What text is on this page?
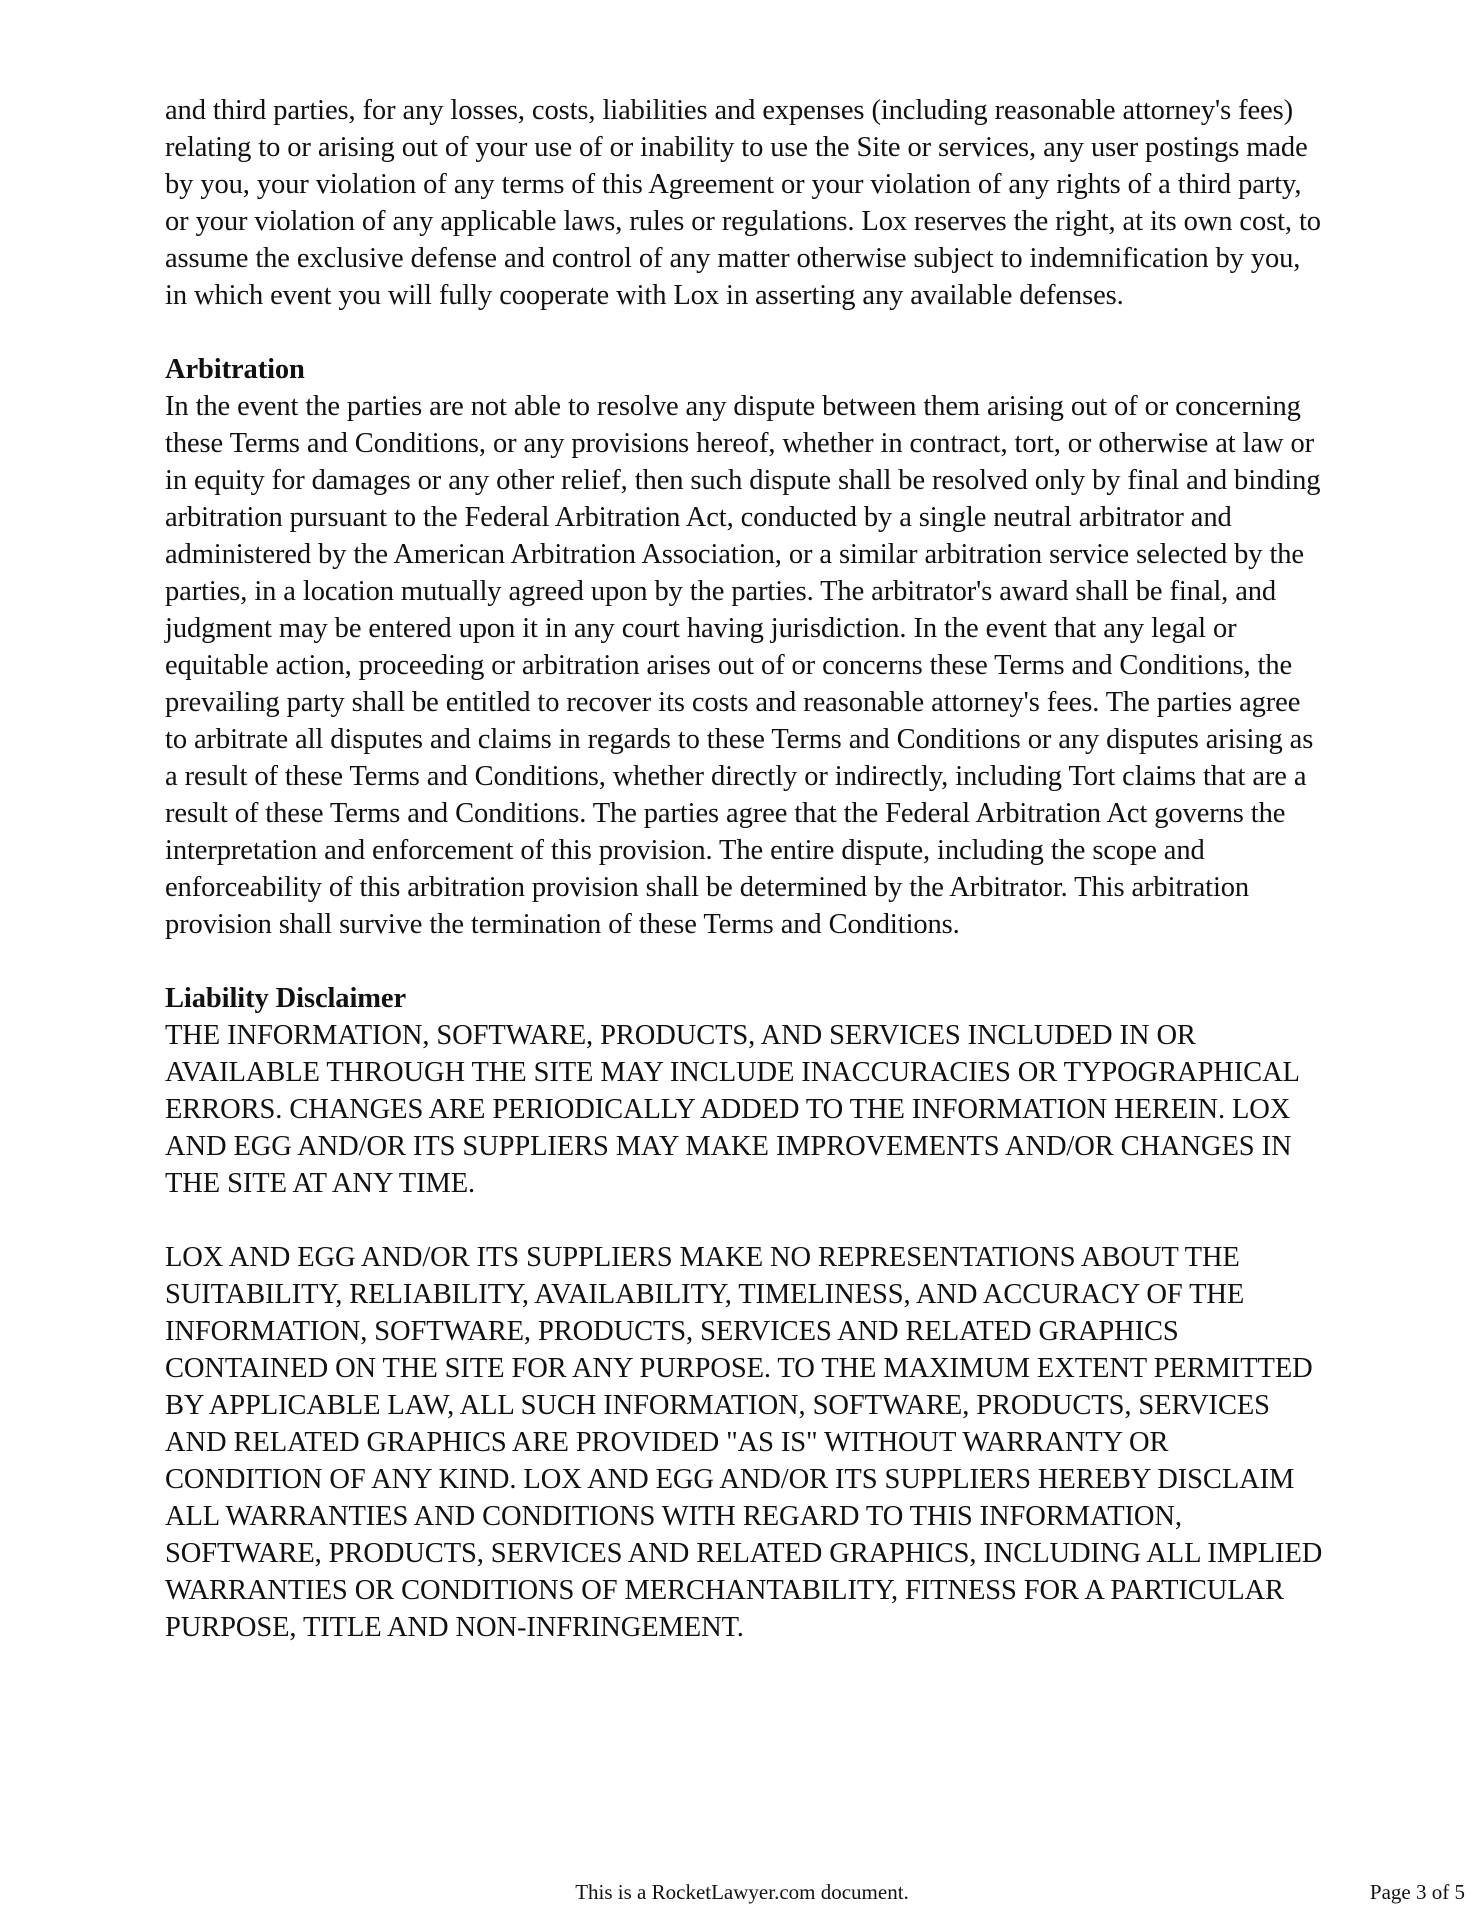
and third parties, for any losses, costs, liabilities and expenses (including reasonable attorney's fees) relating to or arising out of your use of or inability to use the Site or services, any user postings made by you, your violation of any terms of this Agreement or your violation of any rights of a third party, or your violation of any applicable laws, rules or regulations. Lox reserves the right, at its own cost, to assume the exclusive defense and control of any matter otherwise subject to indemnification by you, in which event you will fully cooperate with Lox in asserting any available defenses.

Arbitration

In the event the parties are not able to resolve any dispute between them arising out of or concerning these Terms and Conditions, or any provisions hereof, whether in contract, tort, or otherwise at law or in equity for damages or any other relief, then such dispute shall be resolved only by final and binding arbitration pursuant to the Federal Arbitration Act, conducted by a single neutral arbitrator and administered by the American Arbitration Association, or a similar arbitration service selected by the parties, in a location mutually agreed upon by the parties. The arbitrator's award shall be final, and judgment may be entered upon it in any court having jurisdiction. In the event that any legal or equitable action, proceeding or arbitration arises out of or concerns these Terms and Conditions, the prevailing party shall be entitled to recover its costs and reasonable attorney's fees. The parties agree to arbitrate all disputes and claims in regards to these Terms and Conditions or any disputes arising as a result of these Terms and Conditions, whether directly or indirectly, including Tort claims that are a result of these Terms and Conditions. The parties agree that the Federal Arbitration Act governs the interpretation and enforcement of this provision. The entire dispute, including the scope and enforceability of this arbitration provision shall be determined by the Arbitrator. This arbitration provision shall survive the termination of these Terms and Conditions.

Liability Disclaimer

THE INFORMATION, SOFTWARE, PRODUCTS, AND SERVICES INCLUDED IN OR AVAILABLE THROUGH THE SITE MAY INCLUDE INACCURACIES OR TYPOGRAPHICAL ERRORS. CHANGES ARE PERIODICALLY ADDED TO THE INFORMATION HEREIN. LOX AND EGG AND/OR ITS SUPPLIERS MAY MAKE IMPROVEMENTS AND/OR CHANGES IN THE SITE AT ANY TIME.

LOX AND EGG AND/OR ITS SUPPLIERS MAKE NO REPRESENTATIONS ABOUT THE SUITABILITY, RELIABILITY, AVAILABILITY, TIMELINESS, AND ACCURACY OF THE INFORMATION, SOFTWARE, PRODUCTS, SERVICES AND RELATED GRAPHICS CONTAINED ON THE SITE FOR ANY PURPOSE. TO THE MAXIMUM EXTENT PERMITTED BY APPLICABLE LAW, ALL SUCH INFORMATION, SOFTWARE, PRODUCTS, SERVICES AND RELATED GRAPHICS ARE PROVIDED "AS IS" WITHOUT WARRANTY OR CONDITION OF ANY KIND. LOX AND EGG AND/OR ITS SUPPLIERS HEREBY DISCLAIM ALL WARRANTIES AND CONDITIONS WITH REGARD TO THIS INFORMATION, SOFTWARE, PRODUCTS, SERVICES AND RELATED GRAPHICS, INCLUDING ALL IMPLIED WARRANTIES OR CONDITIONS OF MERCHANTABILITY, FITNESS FOR A PARTICULAR PURPOSE, TITLE AND NON-INFRINGEMENT.

This is a RocketLawyer.com document.	Page 3 of 5
